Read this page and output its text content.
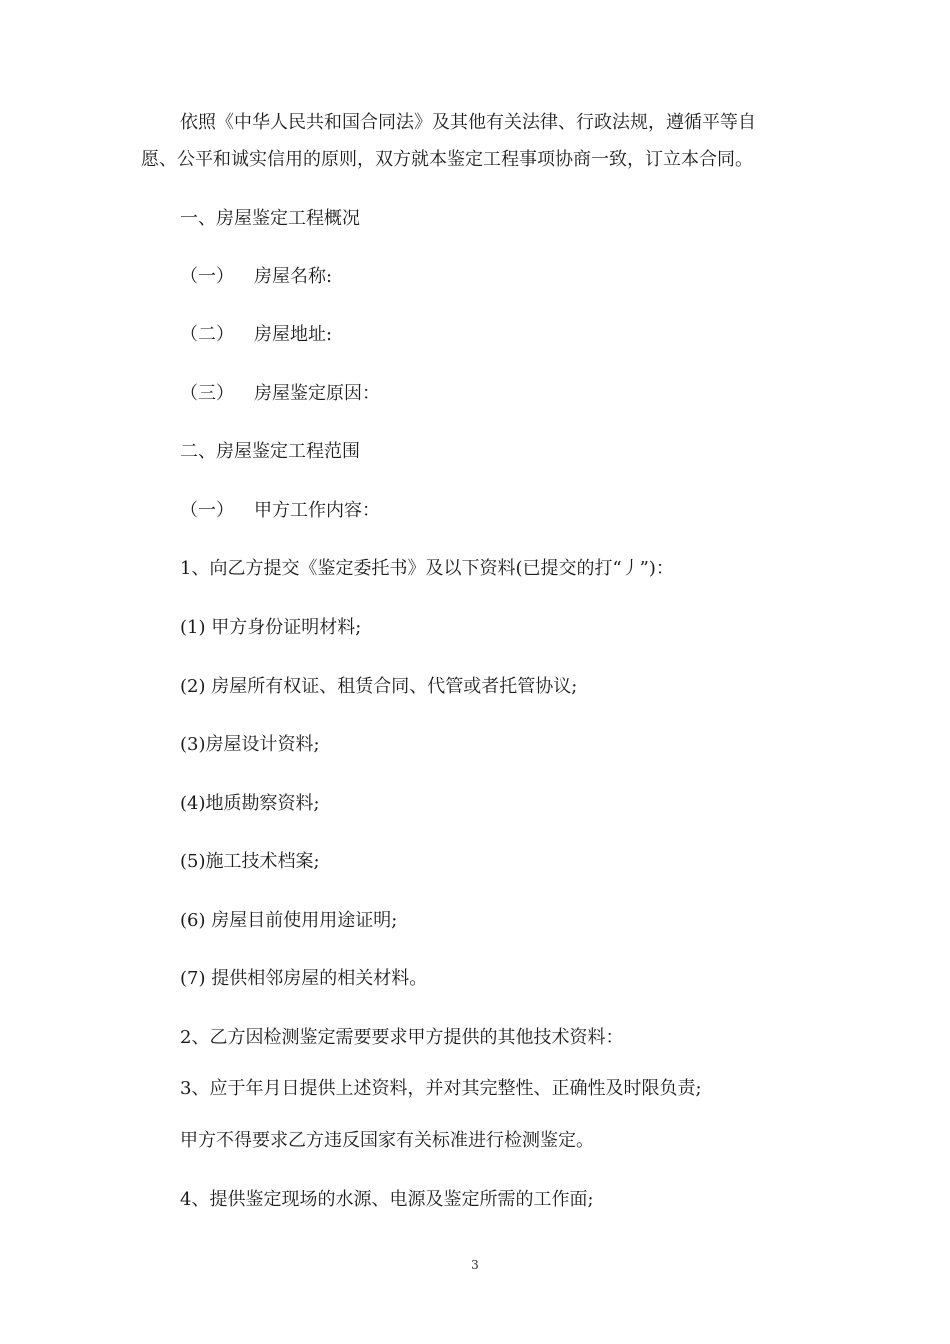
依照《中华人民共和国合同法》及其他有关法律、行政法规，遵循平等自

愿、公平和诚实信用的原则，双方就本鉴定工程事项协商一致，订立本合同。

一、房屋鉴定工程概况

（一） 房屋名称:

（二） 房屋地址:

（三） 房屋鉴定原因：

二、房屋鉴定工程范围

（一） 甲方工作内容：

1、向乙方提交《鉴定委托书》及以下资料(已提交的打“丿”)：

(1) 甲方身份证明材料;

(2) 房屋所有权证、租赁合同、代管或者托管协议;

(3)房屋设计资料;

(4)地质勘察资料;

(5)施工技术档案;

(6) 房屋目前使用用途证明;

(7) 提供相邻房屋的相关材料。

2、乙方因检测鉴定需要要求甲方提供的其他技术资料：

3、应于年月日提供上述资料，并对其完整性、正确性及时限负责;

甲方不得要求乙方违反国家有关标准进行检测鉴定。

4、提供鉴定现场的水源、电源及鉴定所需的工作面;

3
